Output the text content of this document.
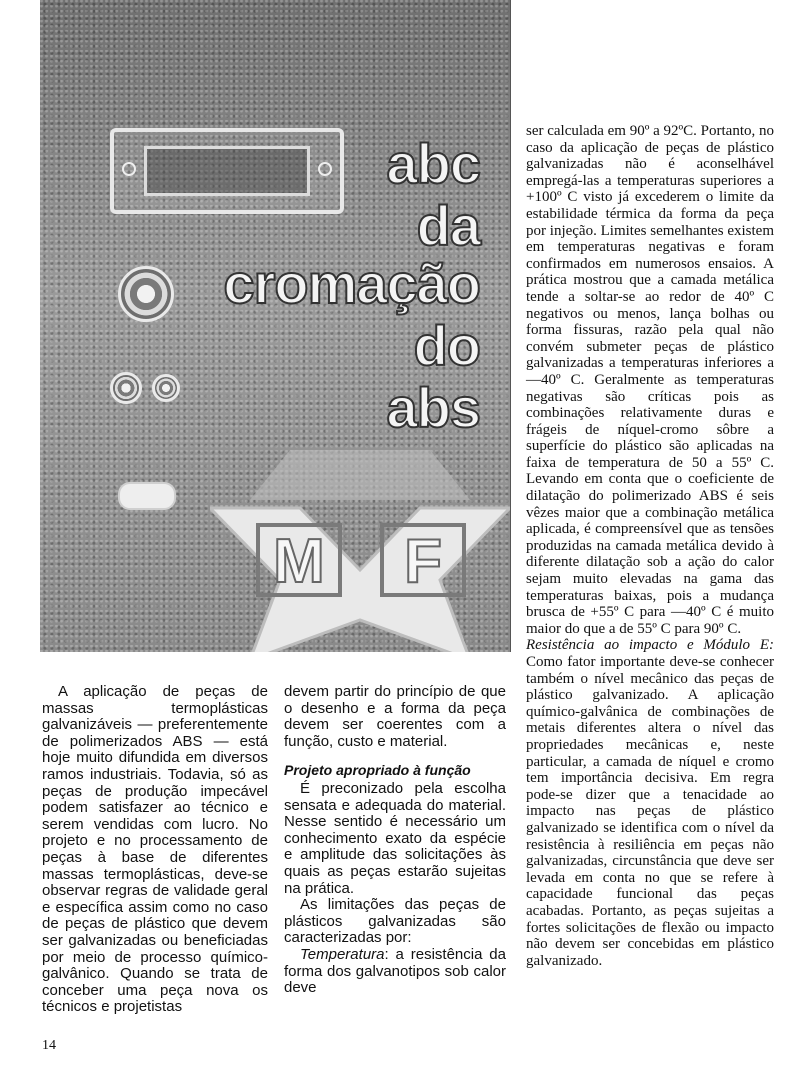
M F
abc
da
cromação
do
abs

A aplicação de peças de massas termoplásticas galvanizáveis — preferentemente de polimerizados ABS — está hoje muito difundida em diversos ramos industriais. Todavia, só as peças de produção impecável podem satisfazer ao técnico e serem vendidas com lucro. No projeto e no processamento de peças à base de diferentes massas termoplásticas, deve-se observar regras de validade geral e específica assim como no caso de peças de plástico que devem ser galvanizadas ou beneficiadas por meio de processo químico-galvânico. Quando se trata de conceber uma peça nova os técnicos e projetistas

devem partir do princípio de que o desenho e a forma da peça devem ser coerentes com a função, custo e material.

Projeto apropriado à função

É preconizado pela escolha sensata e adequada do material. Nesse sentido é necessário um conhecimento exato da espécie e amplitude das solicitações às quais as peças estarão sujeitas na prática.

As limitações das peças de plásticos galvanizadas são caracterizadas por:

Temperatura: a resistência da forma dos galvanotipos sob calor deve

ser calculada em 90º a 92ºC. Portanto, no caso da aplicação de peças de plástico galvanizadas não é aconselhável empregá-las a temperaturas superiores a +100º C visto já excederem o limite da estabilidade térmica da forma da peça por injeção. Limites semelhantes existem em temperaturas negativas e foram confirmados em numerosos ensaios. A prática mostrou que a camada metálica tende a soltar-se ao redor de 40º C negativos ou menos, lança bolhas ou forma fissuras, razão pela qual não convém submeter peças de plástico galvanizadas a temperaturas inferiores a —40º C. Geralmente as temperaturas negativas são críticas pois as combinações relativamente duras e frágeis de níquel-cromo sôbre a superfície do plástico são aplicadas na faixa de temperatura de 50 a 55º C. Levando em conta que o coeficiente de dilatação do polimerizado ABS é seis vêzes maior que a combinação metálica aplicada, é compreensível que as tensões produzidas na camada metálica devido à diferente dilatação sob a ação do calor sejam muito elevadas na gama das temperaturas baixas, pois a mudança brusca de +55º C para —40º C é muito maior do que a de 55º C para 90º C.

Resistência ao impacto e Módulo E: Como fator importante deve-se conhecer também o nível mecânico das peças de plástico galvanizado. A aplicação químico-galvânica de combinações de metais diferentes altera o nível das propriedades mecânicas e, neste particular, a camada de níquel e cromo tem importância decisiva. Em regra pode-se dizer que a tenacidade ao impacto nas peças de plástico galvanizado se identifica com o nível da resistência à resiliência em peças não galvanizadas, circunstância que deve ser levada em conta no que se refere à capacidade funcional das peças acabadas. Portanto, as peças sujeitas a fortes solicitações de flexão ou impacto não devem ser concebidas em plástico galvanizado.

14
